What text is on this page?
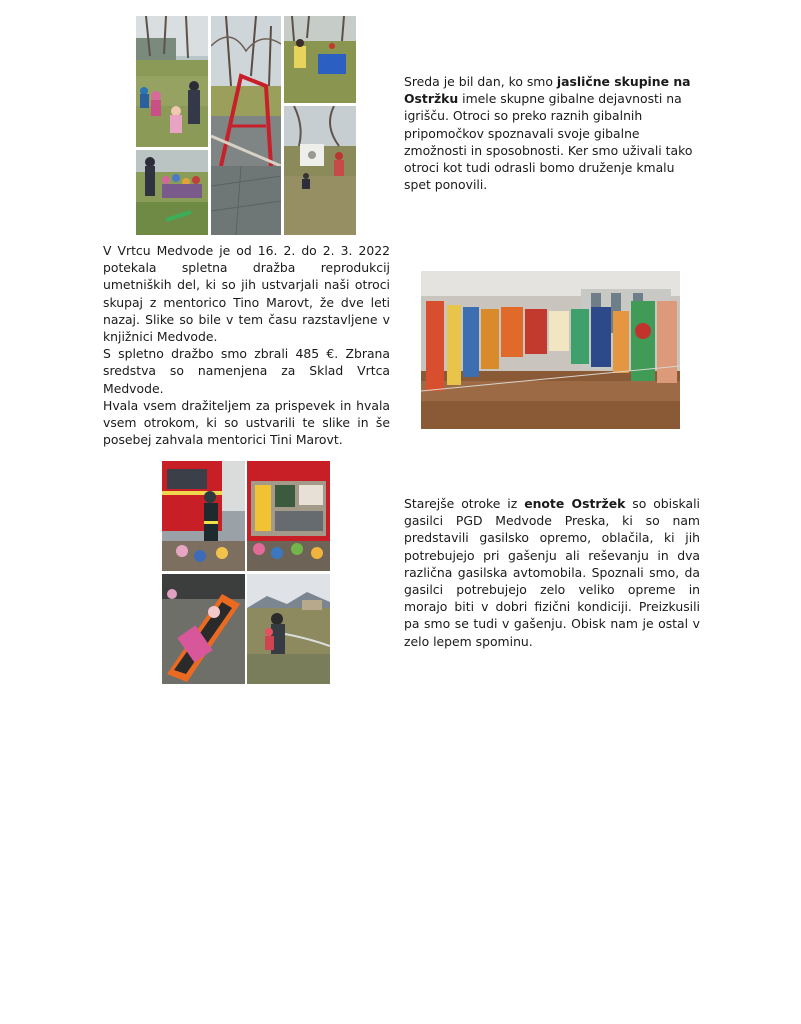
Sreda je bil dan, ko smo jaslične skupine na Ostržku imele skupne gibalne dejavnosti na igrišču. Otroci so preko raznih gibalnih pripomočkov spoznavali svoje gibalne zmožnosti in sposobnosti. Ker smo uživali tako otroci kot tudi odrasli bomo druženje kmalu spet ponovili.

V Vrtcu Medvode je od 16. 2. do 2. 3. 2022 potekala spletna dražba reprodukcij umetniških del, ki so jih ustvarjali naši otroci skupaj z mentorico Tino Marovt, že dve leti nazaj. Slike so bile v tem času razstavljene v knjižnici Medvode.

S spletno dražbo smo zbrali 485 €. Zbrana sredstva so namenjena za Sklad Vrtca Medvode.

Hvala vsem dražiteljem za prispevek in hvala vsem otrokom, ki so ustvarili te slike in še posebej zahvala mentorici Tini Marovt.

Starejše otroke iz enote Ostržek so obiskali gasilci PGD Medvode Preska, ki so nam predstavili gasilsko opremo, oblačila, ki jih potrebujejo pri gašenju ali reševanju in dva različna gasilska avtomobila. Spoznali smo, da gasilci potrebujejo zelo veliko opreme in morajo biti v dobri fizični kondiciji. Preizkusili pa smo se tudi v gašenju. Obisk nam je ostal v zelo lepem spominu.
